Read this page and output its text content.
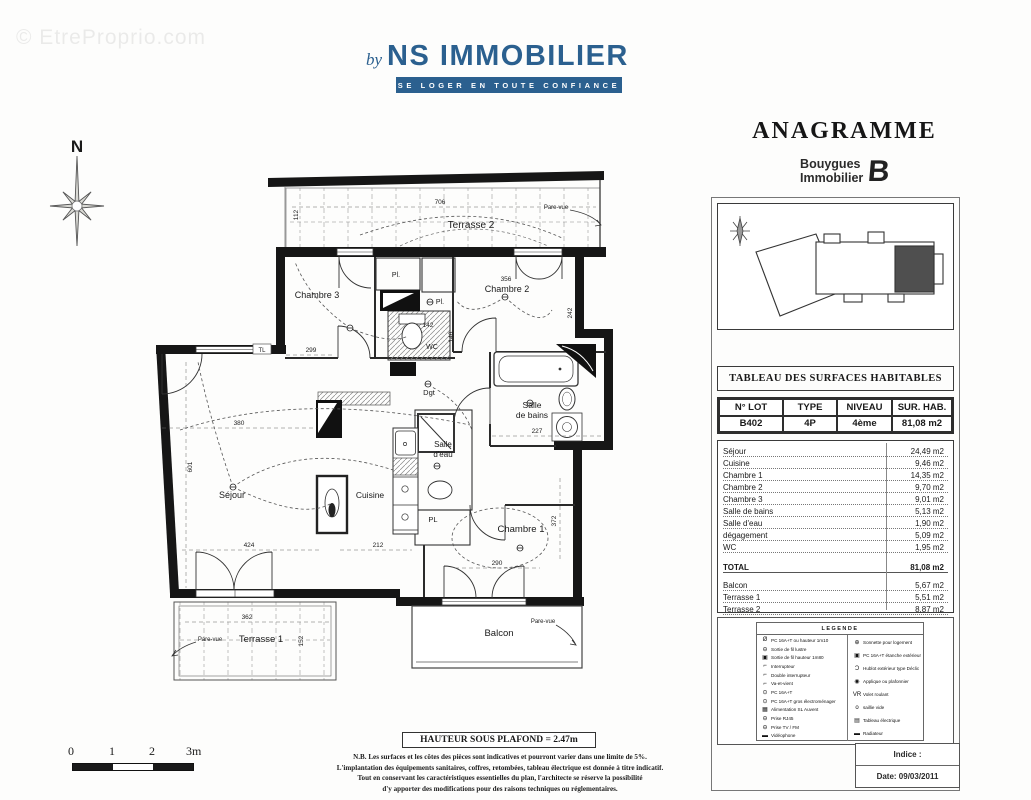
© EtreProprio.com
by NS IMMOBILIER
SE LOGER EN TOUTE CONFIANCE
N
706
112
299
356
242
142
146
380
601
424	212
227
290
372
TL
Terrasse 2
Chambre 3
Chambre 2
Pl.
Pl.
WC
Dgt
Salle
de bains
Salle
d'eau
Séjour	Cuisine
PL
Chambre 1
Balcon
Terrasse 1
Pare-vue
Pare-vue
Pare-vue
ANAGRAMME
Bouygues
Immobilier B
TABLEAU DES SURFACES HABITABLES
N° LOT	TYPE	NIVEAU	SUR. HAB.
B402	4P	4ème	81,08 m2
Séjour	24,49 m2
Cuisine	9,46 m2
Chambre 1	14,35 m2
Chambre 2	9,70 m2
Chambre 3	9,01 m2
Salle de bains	5,13 m2
Salle d'eau	1,90 m2
dégagement	5,09 m2
WC	1,95 m2
TOTAL	81,08 m2
Balcon	5,67 m2
Terrasse 1	5,51 m2
Terrasse 2	8,87 m2
LEGENDE
Ø PC 16A+T ou hauteur 1m10
⊖ Sortie de fil lustre
▣ Sortie de fil hauteur 1m80
⌐ Interrupteur
⌐ Double interrupteur
⌐ Va-et-vient
⊙ PC 16A+T
⊙ PC 16A+T gros électroménager
▦ Alimentation SL Auvent
⊖ Prise RJ45
⊖ Prise TV / FM
▬ Vidéophone
⊕ Sonnette pour logement
▣ PC 16A+T étanche extérieur
Ɔ Hublot extérieur type Déclic
◉ Applique ou plafonnier
VR Volet roulant
o saillie vide
▤ Tableau électrique
▬ Radiateur
Indice :
Date: 09/03/2011
HAUTEUR SOUS PLAFOND = 2.47m
N.B. Les surfaces et les côtes des pièces sont indicatives et pourront varier dans une limite de 5%.
L'implantation des équipements sanitaires, coffres, retombées, tableau électrique est donnée à titre indicatif.
Tout en conservant les caractéristiques essentielles du plan, l'architecte se réserve la possibilité
d'y apporter des modifications pour des raisons techniques ou réglementaires.
0	1	2	3m
